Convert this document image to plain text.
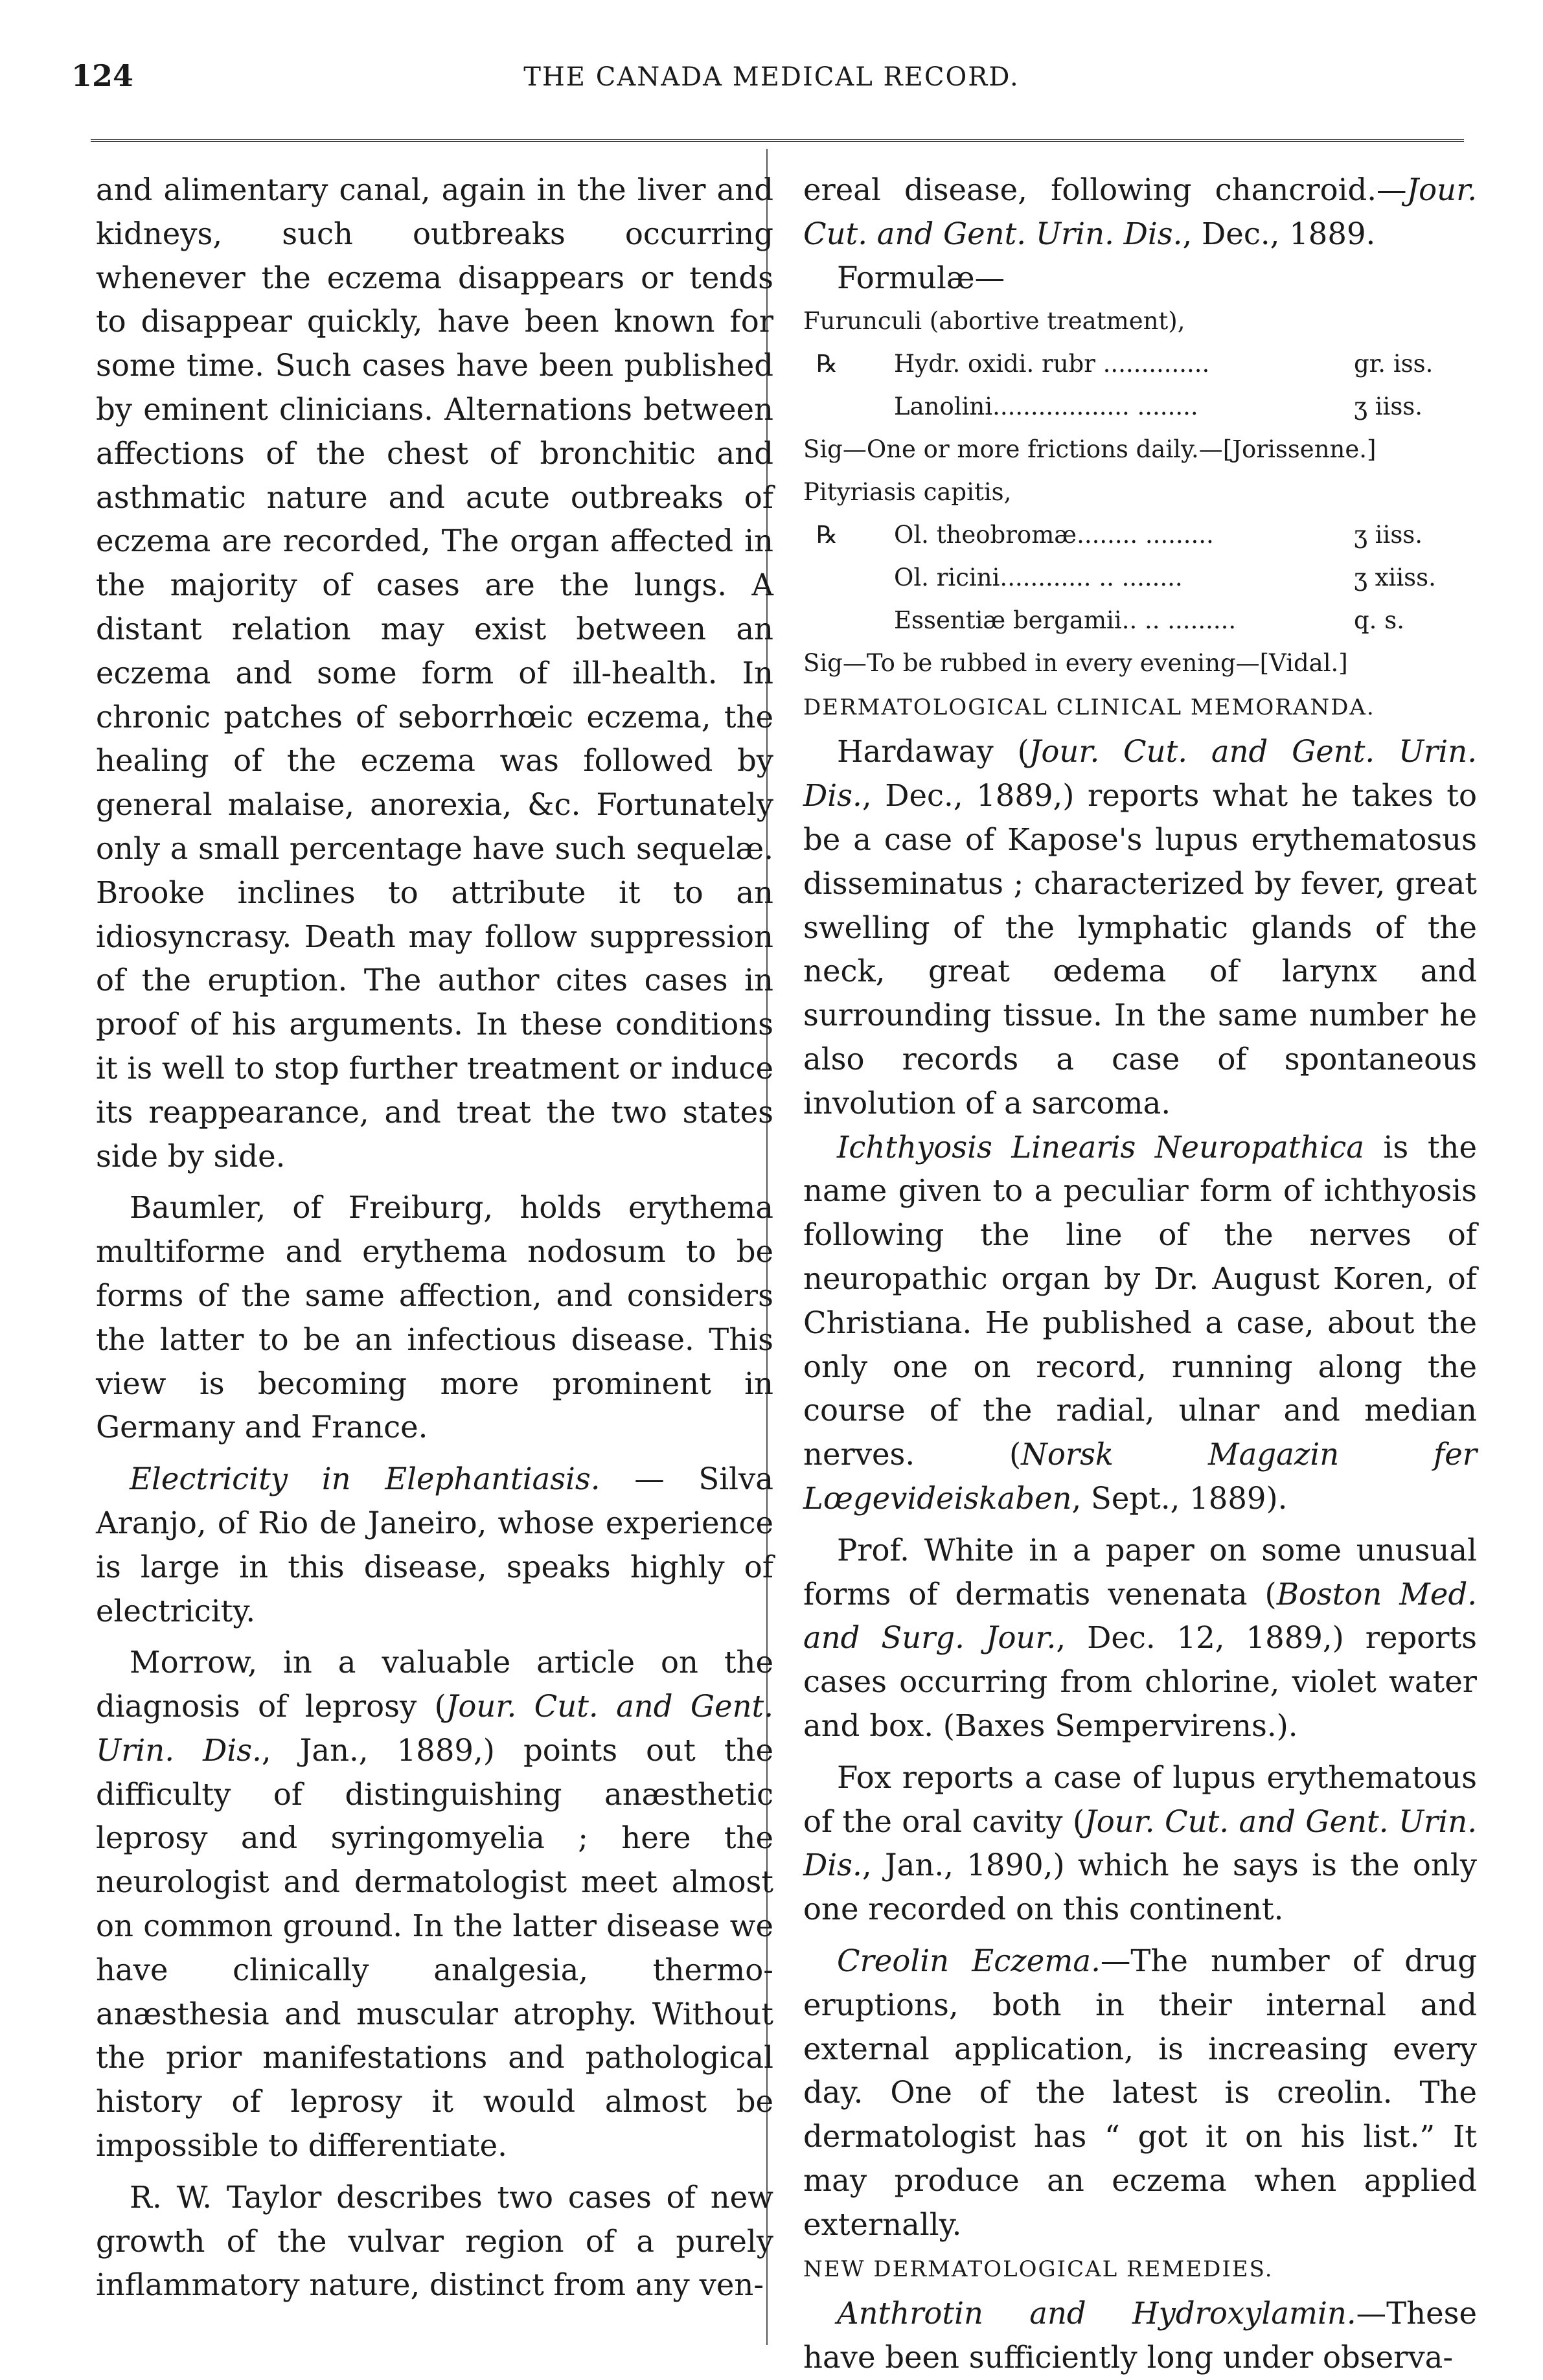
124	THE CANADA MEDICAL RECORD.

and alimentary canal, again in the liver and kidneys, such outbreaks occurring whenever the eczema disappears or tends to disappear quickly, have been known for some time. Such cases have been published by eminent clinicians. Alternations between affections of the chest of bronchitic and asthmatic nature and acute outbreaks of eczema are recorded, The organ affected in the majority of cases are the lungs. A distant relation may exist between an eczema and some form of ill-health. In chronic patches of seborrhœic eczema, the healing of the eczema was followed by general malaise, anorexia, &c. Fortunately only a small percentage have such sequelæ. Brooke inclines to attribute it to an idiosyncrasy. Death may follow suppression of the eruption. The author cites cases in proof of his arguments. In these conditions it is well to stop further treatment or induce its reappearance, and treat the two states side by side.

Baumler, of Freiburg, holds erythema multiforme and erythema nodosum to be forms of the same affection, and considers the latter to be an infectious disease. This view is becoming more prominent in Germany and France.

Electricity in Elephantiasis. — Silva Aranjo, of Rio de Janeiro, whose experience is large in this disease, speaks highly of electricity.

Morrow, in a valuable article on the diagnosis of leprosy (Jour. Cut. and Gent. Urin. Dis., Jan., 1889,) points out the difficulty of distinguishing anæsthetic leprosy and syringomyelia ; here the neurologist and dermatologist meet almost on common ground. In the latter disease we have clinically analgesia, thermo-anæsthesia and muscular atrophy. Without the prior manifestations and pathological history of leprosy it would almost be impossible to differentiate.

R. W. Taylor describes two cases of new growth of the vulvar region of a purely inflammatory nature, distinct from any ven-

ereal disease, following chancroid.—Jour. Cut. and Gent. Urin. Dis., Dec., 1889.

Formulæ—

Furunculi (abortive treatment),

℞	Hydr. oxidi. rubr ..............	gr. iss.
Lanolini.................. ........	ʒ iiss.

Sig—One or more frictions daily.—[Jorissenne.]

Pityriasis capitis,

℞	Ol. theobromæ........ .........	ʒ iiss.
Ol. ricini............ .. ........	ʒ xiiss.
Essentiæ bergamii.. .. .........	q. s.

Sig—To be rubbed in every evening—[Vidal.]

DERMATOLOGICAL CLINICAL MEMORANDA.

Hardaway (Jour. Cut. and Gent. Urin. Dis., Dec., 1889,) reports what he takes to be a case of Kapose's lupus erythematosus disseminatus ; characterized by fever, great swelling of the lymphatic glands of the neck, great œdema of larynx and surrounding tissue. In the same number he also records a case of spontaneous involution of a sarcoma.

Ichthyosis Linearis Neuropathica is the name given to a peculiar form of ichthyosis following the line of the nerves of neuropathic organ by Dr. August Koren, of Christiana. He published a case, about the only one on record, running along the course of the radial, ulnar and median nerves. (Norsk Magazin fer Lœgevideiskaben, Sept., 1889).

Prof. White in a paper on some unusual forms of dermatis venenata (Boston Med. and Surg. Jour., Dec. 12, 1889,) reports cases occurring from chlorine, violet water and box. (Baxes Sempervirens.).

Fox reports a case of lupus erythematous of the oral cavity (Jour. Cut. and Gent. Urin. Dis., Jan., 1890,) which he says is the only one recorded on this continent.

Creolin Eczema.—The number of drug eruptions, both in their internal and external application, is increasing every day. One of the latest is creolin. The dermatologist has “ got it on his list.” It may produce an eczema when applied externally.

NEW DERMATOLOGICAL REMEDIES.

Anthrotin and Hydroxylamin.—These have been sufficiently long under observa-
